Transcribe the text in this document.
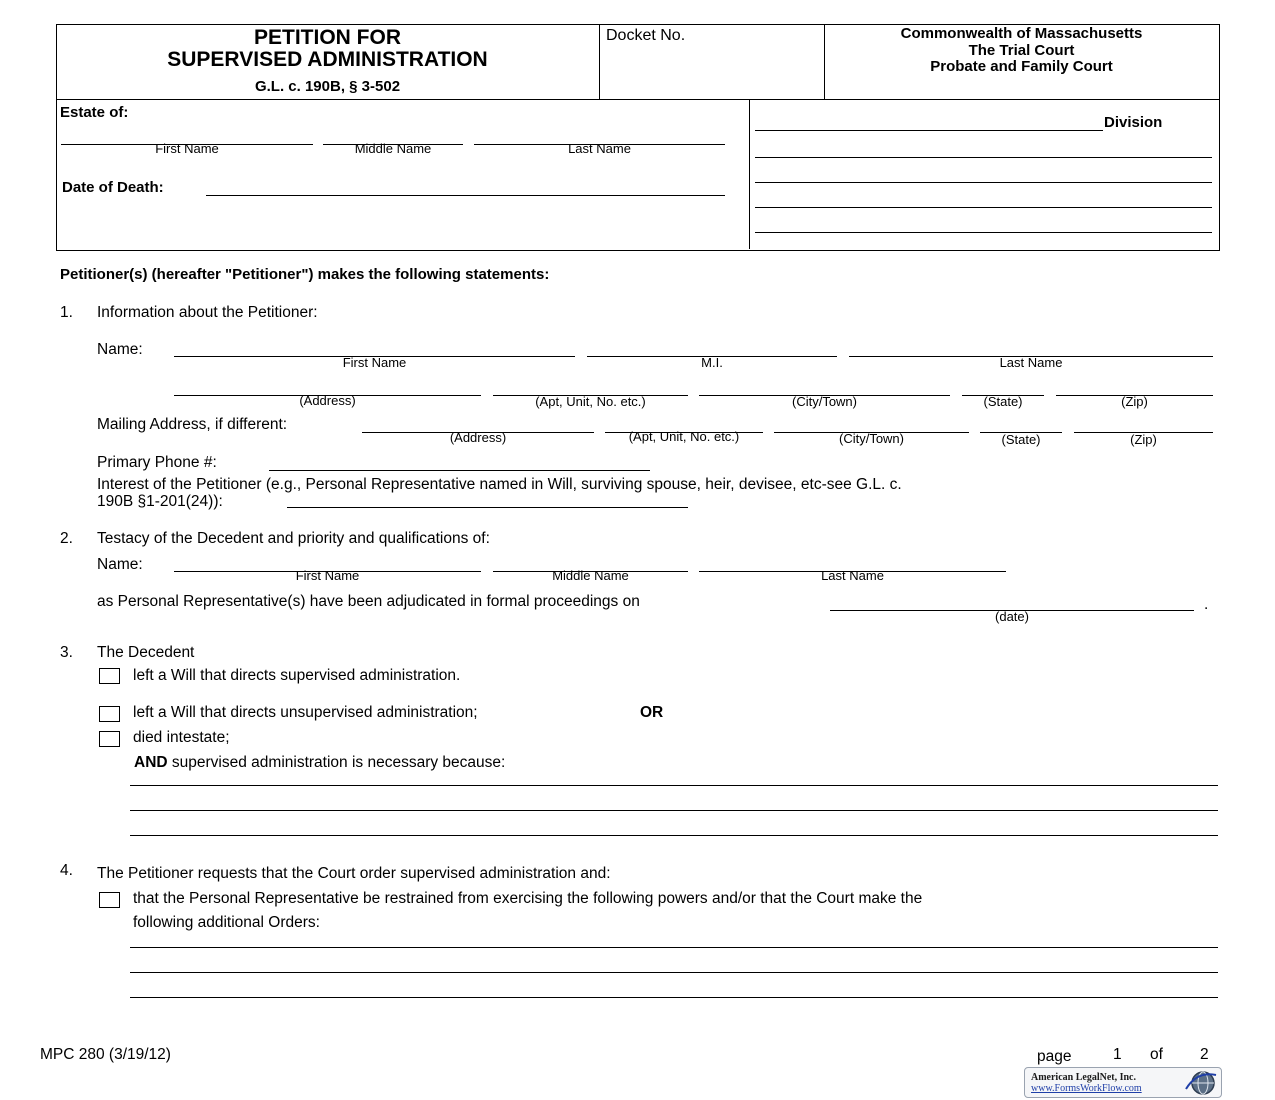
PETITION FOR
SUPERVISED ADMINISTRATION
G.L. c. 190B, § 3-502
Docket No.	Commonwealth of Massachusetts
The Trial Court
Probate and Family Court
Estate of:
First Name	Middle Name	Last Name
Date of Death:
Division
Petitioner(s) (hereafter "Petitioner") makes the following statements:
1. Information about the Petitioner:
Name:
First Name	M.I.	Last Name
(Address)	(Apt, Unit, No. etc.)	(City/Town)	(State)	(Zip)
Mailing Address, if different:
(Address)	(Apt, Unit, No. etc.)	(City/Town)	(State)	(Zip)
Primary Phone #:
Interest of the Petitioner (e.g., Personal Representative named in Will, surviving spouse, heir, devisee, etc-see G.L. c.
190B §1-201(24)):
2. Testacy of the Decedent and priority and qualifications of:
Name:
First Name	Middle Name	Last Name
as Personal Representative(s) have been adjudicated in formal proceedings on	.
(date)
3. The Decedent
left a Will that directs supervised administration.
left a Will that directs unsupervised administration;	OR
died intestate;
AND supervised administration is necessary because:
4. The Petitioner requests that the Court order supervised administration and:
that the Personal Representative be restrained from exercising the following powers and/or that the Court make the
following additional Orders:
MPC 280 (3/19/12)	page	1 of 2
American LegalNet, Inc.
www.FormsWorkFlow.com
